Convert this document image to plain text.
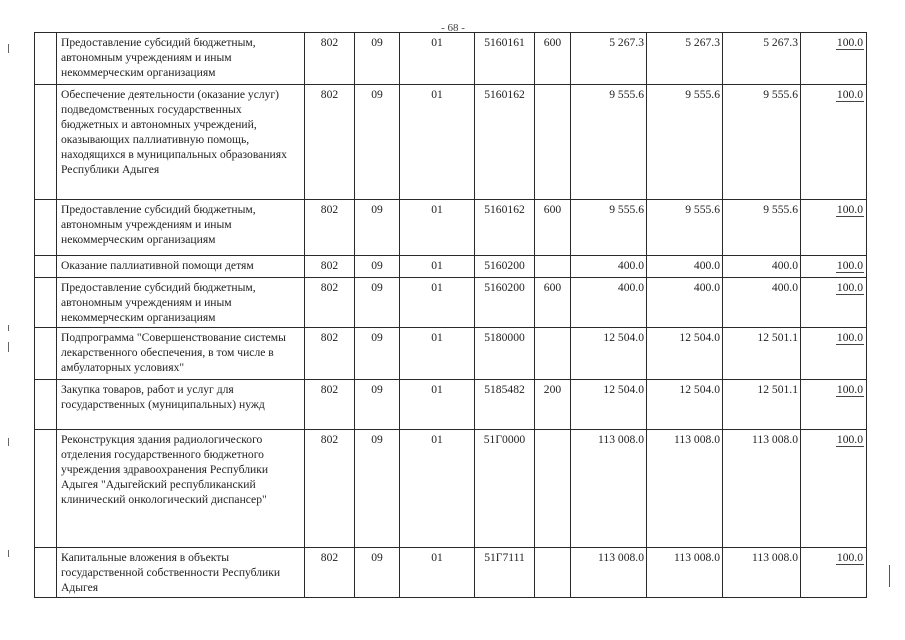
- 68 -
	Предоставление субсидий бюджетным, автономным учреждениям и иным некоммерческим организациям	802	09	01	5160161	600	5 267.3	5 267.3	5 267.3	100.0
	Обеспечение деятельности (оказание услуг) подведомственных государственных бюджетных и автономных учреждений, оказывающих паллиативную помощь, находящихся в муниципальных образованиях Республики Адыгея	802	09	01	5160162		9 555.6	9 555.6	9 555.6	100.0
	Предоставление субсидий бюджетным, автономным учреждениям и иным некоммерческим организациям	802	09	01	5160162	600	9 555.6	9 555.6	9 555.6	100.0
	Оказание паллиативной помощи детям	802	09	01	5160200		400.0	400.0	400.0	100.0
	Предоставление субсидий бюджетным, автономным учреждениям и иным некоммерческим организациям	802	09	01	5160200	600	400.0	400.0	400.0	100.0
	Подпрограмма "Совершенствование системы лекарственного обеспечения, в том числе в амбулаторных условиях"	802	09	01	5180000		12 504.0	12 504.0	12 501.1	100.0
	Закупка товаров, работ и услуг для государственных (муниципальных) нужд	802	09	01	5185482	200	12 504.0	12 504.0	12 501.1	100.0
	Реконструкция здания радиологического отделения государственного бюджетного учреждения здравоохранения Республики Адыгея "Адыгейский республиканский клинический онкологический диспансер"	802	09	01	51Г0000		113 008.0	113 008.0	113 008.0	100.0
	Капитальные вложения в объекты государственной собственности Республики Адыгея	802	09	01	51Г7111		113 008.0	113 008.0	113 008.0	100.0
